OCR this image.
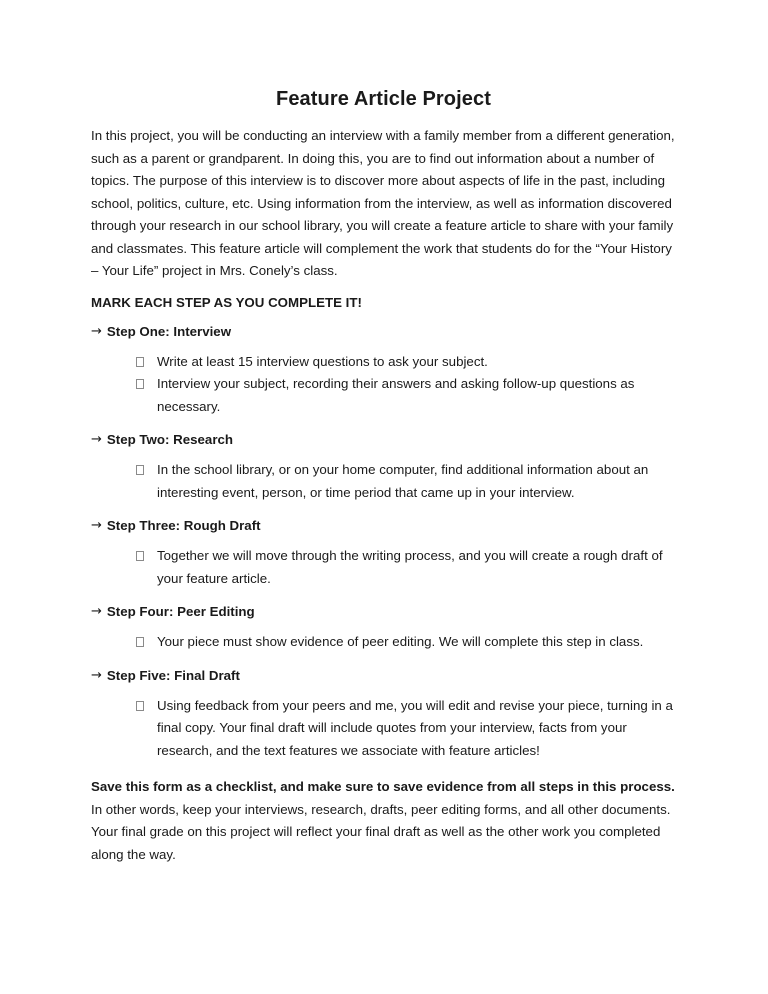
Feature Article Project

In this project, you will be conducting an interview with a family member from a different generation, such as a parent or grandparent. In doing this, you are to find out information about a number of topics. The purpose of this interview is to discover more about aspects of life in the past, including school, politics, culture, etc. Using information from the interview, as well as information discovered through your research in our school library, you will create a feature article to share with your family and classmates. This feature article will complement the work that students do for the “Your History – Your Life” project in Mrs. Conely’s class.

MARK EACH STEP AS YOU COMPLETE IT!

→ Step One: Interview
Write at least 15 interview questions to ask your subject.
Interview your subject, recording their answers and asking follow-up questions as necessary.
→ Step Two: Research
In the school library, or on your home computer, find additional information about an interesting event, person, or time period that came up in your interview.
→ Step Three: Rough Draft
Together we will move through the writing process, and you will create a rough draft of your feature article.
→ Step Four: Peer Editing
Your piece must show evidence of peer editing. We will complete this step in class.
→ Step Five: Final Draft
Using feedback from your peers and me, you will edit and revise your piece, turning in a final copy. Your final draft will include quotes from your interview, facts from your research, and the text features we associate with feature articles!

Save this form as a checklist, and make sure to save evidence from all steps in this process. In other words, keep your interviews, research, drafts, peer editing forms, and all other documents. Your final grade on this project will reflect your final draft as well as the other work you completed along the way.
